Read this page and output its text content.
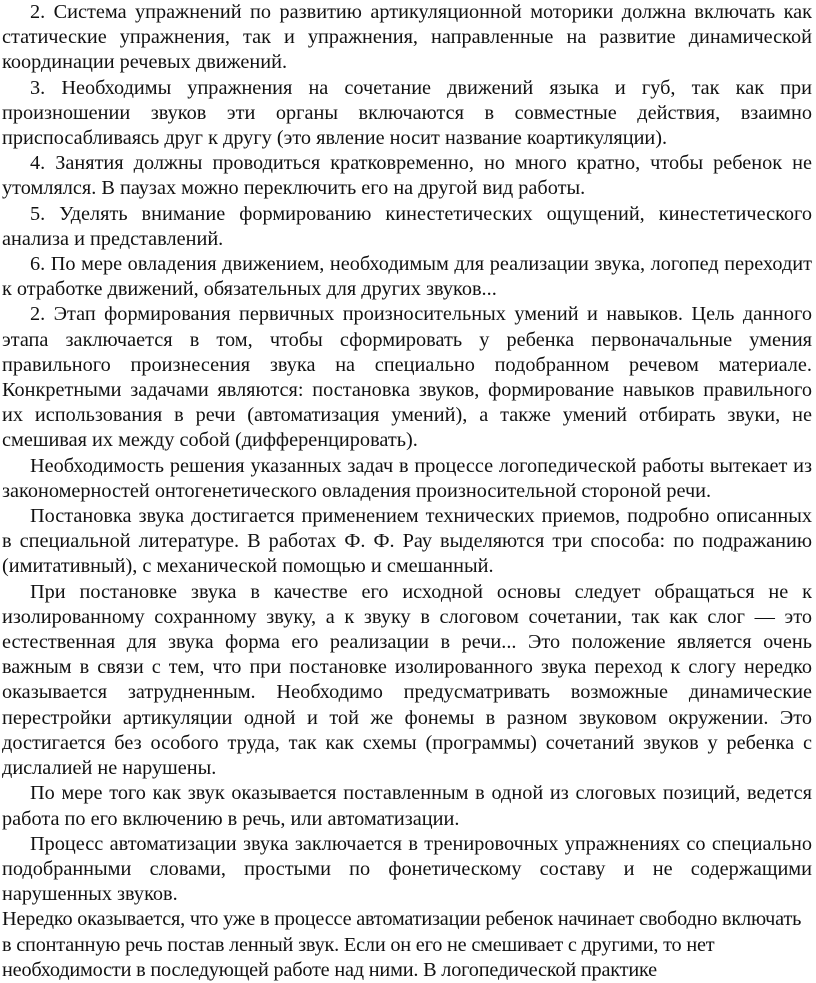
2. Система упражнений по развитию артикуляционной моторики должна включать как статические упражнения, так и упражнения, направленные на развитие динамической координации речевых движений.

3. Необходимы упражнения на сочетание движений языка и губ, так как при произношении звуков эти органы включаются в совместные действия, взаимно приспосабливаясь друг к другу (это явление носит название коартикуляции).

4. Занятия должны проводиться кратковременно, но много кратно, чтобы ребенок не утомлялся. В паузах можно переключить его на другой вид работы.

5. Уделять внимание формированию кинестетических ощущений, кинестетического анализа и представлений.

6. По мере овладения движением, необходимым для реализации звука, логопед переходит к отработке движений, обязательных для других звуков...

2. Этап формирования первичных произносительных умений и навыков. Цель данного этапа заключается в том, чтобы сформировать у ребенка первоначальные умения правильного произнесения звука на специально подобранном речевом материале. Конкретными задачами являются: постановка звуков, формирование навыков правильного их использования в речи (автоматизация умений), а также умений отбирать звуки, не смешивая их между собой (дифференцировать).

Необходимость решения указанных задач в процессе логопедической работы вытекает из закономерностей онтогенетического овладения произносительной стороной речи.

Постановка звука достигается применением технических приемов, подробно описанных в специальной литературе. В работах Ф. Ф. Рау выделяются три способа: по подражанию (имитативный), с механической помощью и смешанный.

При постановке звука в качестве его исходной основы следует обращаться не к изолированному сохранному звуку, а к звуку в слоговом сочетании, так как слог — это естественная для звука форма его реализации в речи... Это положение является очень важным в связи с тем, что при постановке изолированного звука переход к слогу нередко оказывается затрудненным. Необходимо предусматривать возможные динамические перестройки артикуляции одной и той же фонемы в разном звуковом окружении. Это достигается без особого труда, так как схемы (программы) сочетаний звуков у ребенка с дислалией не нарушены.

По мере того как звук оказывается поставленным в одной из слоговых позиций, ведется работа по его включению в речь, или автоматизации.

Процесс автоматизации звука заключается в тренировочных упражнениях со специально подобранными словами, простыми по фонетическому составу и не содержащими нарушенных звуков.

Нередко оказывается, что уже в процессе автоматизации ребенок начинает свободно включать в спонтанную речь постав ленный звук. Если он его не смешивает с другими, то нет необходимости в последующей работе над ними. В логопедической практике
